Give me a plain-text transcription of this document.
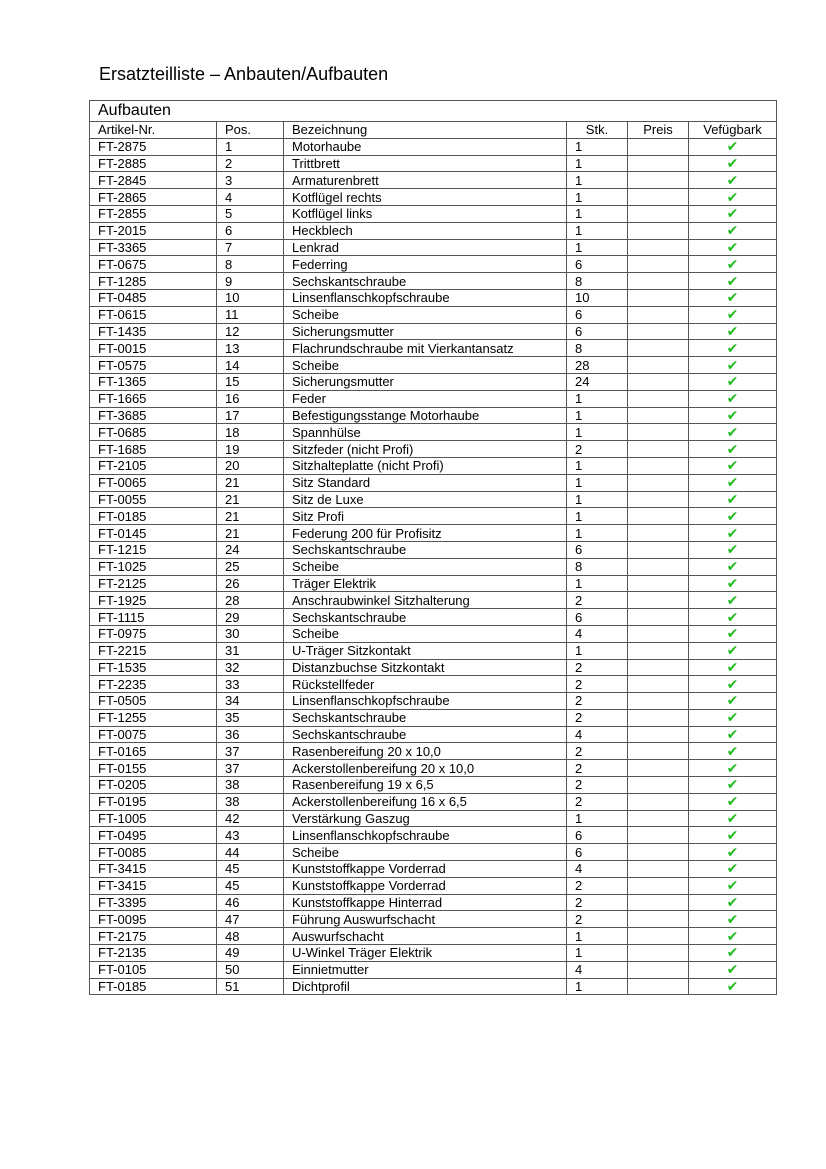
Ersatzteilliste – Anbauten/Aufbauten
Aufbauten					
Artikel-Nr.	Pos.	Bezeichnung	Stk.	Preis	Vefügbark
FT-2875	1	Motorhaube	1		✔
FT-2885	2	Trittbrett	1		✔
FT-2845	3	Armaturenbrett	1		✔
FT-2865	4	Kotflügel rechts	1		✔
FT-2855	5	Kotflügel links	1		✔
FT-2015	6	Heckblech	1		✔
FT-3365	7	Lenkrad	1		✔
FT-0675	8	Federring	6		✔
FT-1285	9	Sechskantschraube	8		✔
FT-0485	10	Linsenflanschkopfschraube	10		✔
FT-0615	11	Scheibe	6		✔
FT-1435	12	Sicherungsmutter	6		✔
FT-0015	13	Flachrundschraube mit Vierkantansatz	8		✔
FT-0575	14	Scheibe	28		✔
FT-1365	15	Sicherungsmutter	24		✔
FT-1665	16	Feder	1		✔
FT-3685	17	Befestigungsstange Motorhaube	1		✔
FT-0685	18	Spannhülse	1		✔
FT-1685	19	Sitzfeder (nicht Profi)	2		✔
FT-2105	20	Sitzhalteplatte (nicht Profi)	1		✔
FT-0065	21	Sitz Standard	1		✔
FT-0055	21	Sitz de Luxe	1		✔
FT-0185	21	Sitz Profi	1		✔
FT-0145	21	Federung 200 für Profisitz	1		✔
FT-1215	24	Sechskantschraube	6		✔
FT-1025	25	Scheibe	8		✔
FT-2125	26	Träger Elektrik	1		✔
FT-1925	28	Anschraubwinkel Sitzhalterung	2		✔
FT-1115	29	Sechskantschraube	6		✔
FT-0975	30	Scheibe	4		✔
FT-2215	31	U-Träger Sitzkontakt	1		✔
FT-1535	32	Distanzbuchse Sitzkontakt	2		✔
FT-2235	33	Rückstellfeder	2		✔
FT-0505	34	Linsenflanschkopfschraube	2		✔
FT-1255	35	Sechskantschraube	2		✔
FT-0075	36	Sechskantschraube	4		✔
FT-0165	37	Rasenbereifung 20 x 10,0	2		✔
FT-0155	37	Ackerstollenbereifung 20 x 10,0	2		✔
FT-0205	38	Rasenbereifung 19 x 6,5	2		✔
FT-0195	38	Ackerstollenbereifung 16 x 6,5	2		✔
FT-1005	42	Verstärkung Gaszug	1		✔
FT-0495	43	Linsenflanschkopfschraube	6		✔
FT-0085	44	Scheibe	6		✔
FT-3415	45	Kunststoffkappe Vorderrad	4		✔
FT-3415	45	Kunststoffkappe Vorderrad	2		✔
FT-3395	46	Kunststoffkappe Hinterrad	2		✔
FT-0095	47	Führung Auswurfschacht	2		✔
FT-2175	48	Auswurfschacht	1		✔
FT-2135	49	U-Winkel Träger Elektrik	1		✔
FT-0105	50	Einnietmutter	4		✔
FT-0185	51	Dichtprofil	1		✔
